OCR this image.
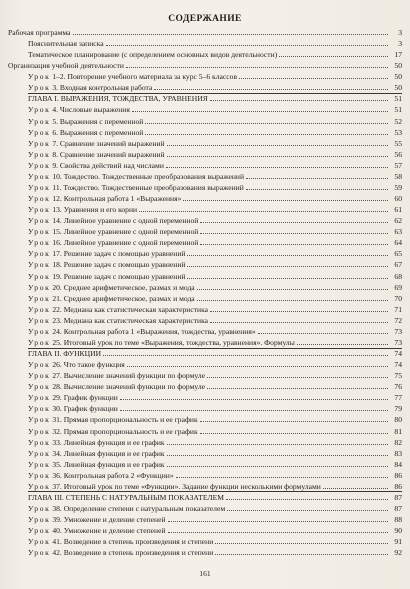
СОДЕРЖАНИЕ
Рабочая программа	3
Пояснительная записка	3
Тематическое планирование (с определением основных видов деятельности)	17
Организация учебной деятельности	50
Урок 1–2. Повторение учебного материала за курс 5–6 классов	50
Урок 3. Входная контрольная работа	50
ГЛАВА I. ВЫРАЖЕНИЯ, ТОЖДЕСТВА, УРАВНЕНИЯ	51
Урок 4. Числовые выражения	51
Урок 5. Выражения с переменной	52
Урок 6. Выражения с переменной	53
Урок 7. Сравнение значений выражений	55
Урок 8. Сравнение значений выражений	56
Урок 9. Свойства действий над числами	57
Урок 10. Тождество. Тождественные преобразования выражений	58
Урок 11. Тождество. Тождественные преобразования выражений	59
Урок 12. Контрольная работа 1 «Выражения»	60
Урок 13. Уравнения и его корни	61
Урок 14. Линейное уравнение с одной переменной	62
Урок 15. Линейное уравнение с одной переменной	63
Урок 16. Линейное уравнение с одной переменной	64
Урок 17. Решение задач с помощью уравнений	65
Урок 18. Решение задач с помощью уравнений	67
Урок 19. Решение задач с помощью уравнений	68
Урок 20. Среднее арифметическое, размах и мода	69
Урок 21. Среднее арифметическое, размах и мода	70
Урок 22. Медиана как статистическая характеристика	71
Урок 23. Медиана как статистическая характеристика	72
Урок 24. Контрольная работа 1 «Выражения, тождества, уравнения»	73
Урок 25. Итоговый урок по теме «Выражения, тождества, уравнения». Формулы	73
ГЛАВА II. ФУНКЦИИ	74
Урок 26. Что такое функция	74
Урок 27. Вычисление значений функции по формуле	75
Урок 28. Вычисление значений функции по формуле	76
Урок 29. График функции	77
Урок 30. График функции	79
Урок 31. Прямая пропорциональность и ее график	80
Урок 32. Прямая пропорциональность и ее график	81
Урок 33. Линейная функция и ее график	82
Урок 34. Линейная функция и ее график	83
Урок 35. Линейная функция и ее график	84
Урок 36. Контрольная работа 2 «Функции»	86
Урок 37. Итоговый урок по теме «Функции». Задание функции несколькими формулами	86
ГЛАВА III. СТЕПЕНЬ С НАТУРАЛЬНЫМ ПОКАЗАТЕЛЕМ	87
Урок 38. Определение степени с натуральным показателем	87
Урок 39. Умножение и деление степеней	88
Урок 40. Умножение и деление степеней	90
Урок 41. Возведение в степень произведения и степени	91
Урок 42. Возведение в степень произведения и степени	92
161
